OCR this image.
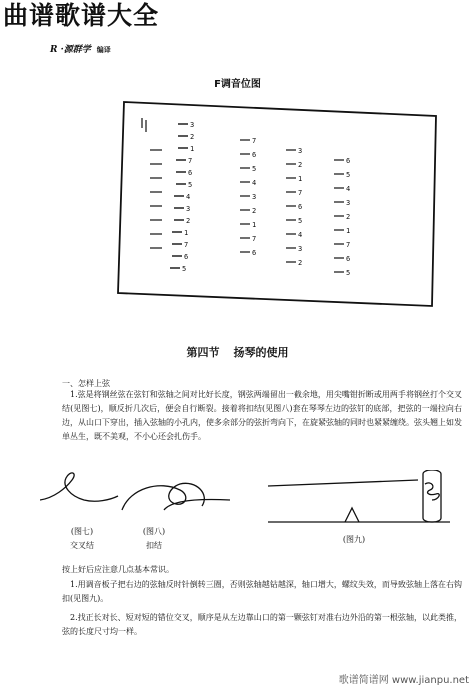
曲谱歌谱大全
R ·源群学 编译
F调音位图
3
2
1
7
6
5
4
3
2
1
7
6
5
7
6
5
4
3
2
1
7
6
3
2
1
7
6
5
4
3
2
6
5
4
3
2
1
7
6
5
第四节 扬琴的使用
一、怎样上弦
1.弦是将钢丝弦在弦钉和弦轴之间对比好长度，钢弦两端留出一截余地，用尖嘴钳折断或用两手将钢丝打个交叉结(见图七)，顺反折几次后，便会自行断裂。接着将扣结(见图八)套在琴琴左边的弦钉的底部，把弦的一端拉向右边，从山口下穿出，插入弦轴的小孔内，使多余部分的弦折弯向下，在旋紧弦轴的同时也紧紧缠绕。弦头翘上如发单丛生，既不美观，不小心还会扎伤手。
(图七)
交叉结
(图八)
扣结
(图九)
按上好后应注意几点基本常识。
1.用调音板子把右边的弦轴反时针倒转三圈，否则弦轴越钻越深，轴口增大，螺纹失效，而导致弦轴上落在右钩扣(见图九)。
2.找正长对长、短对短的错位交叉，顺序是从左边靠山口的第一颗弦钉对准右边外沿的第一根弦轴，以此类推，弦的长度尺寸均一样。
歌谱简谱网 www.jianpu.net
